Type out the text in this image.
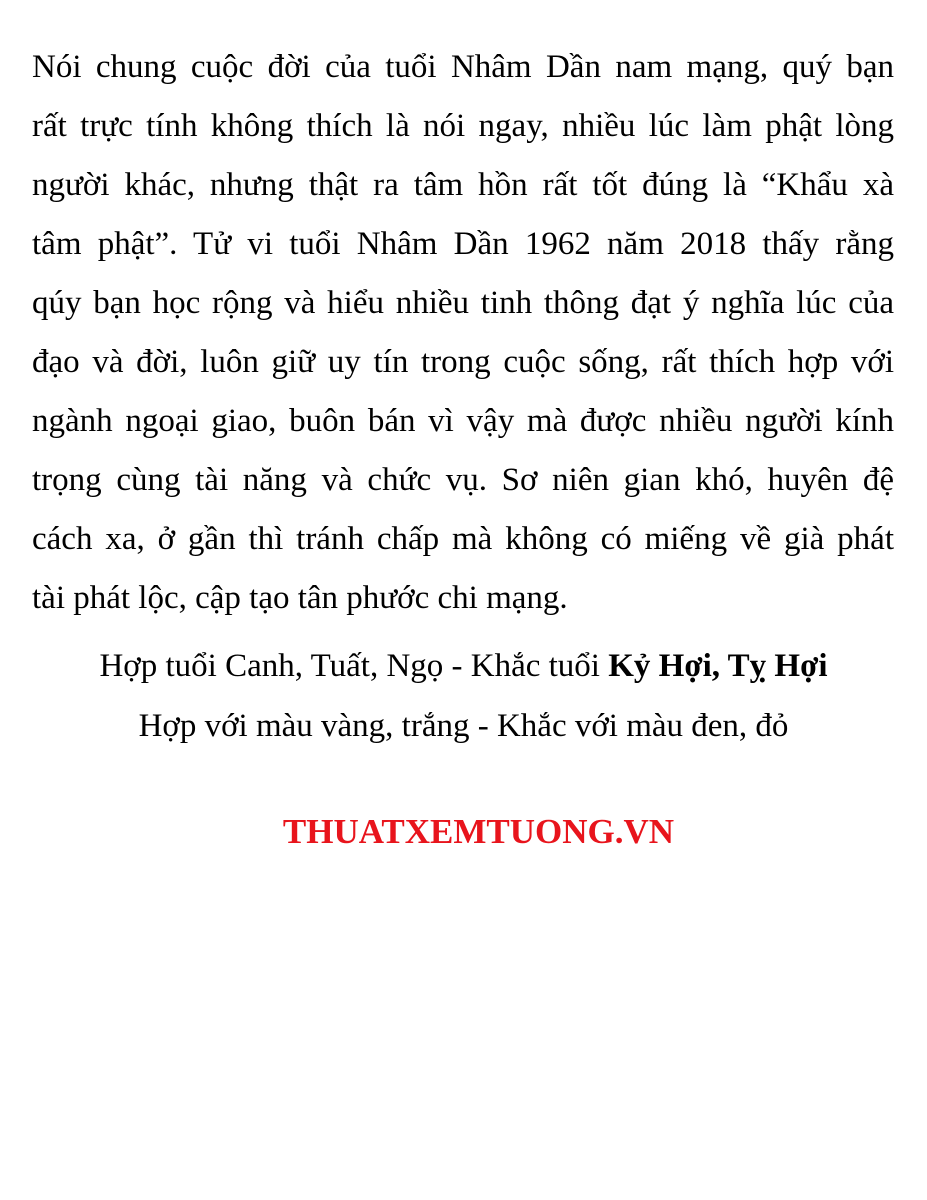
Nói chung cuộc đời của tuổi Nhâm Dần nam mạng, quý bạn
rất trực tính không thích là nói ngay, nhiều lúc làm phật lòng
người khác, nhưng thật ra tâm hồn rất tốt đúng là “Khẩu xà
tâm phật”. Tử vi tuổi Nhâm Dần 1962 năm 2018 thấy rằng
qúy bạn học rộng và hiểu nhiều tinh thông đạt ý nghĩa lúc của
đạo và đời, luôn giữ uy tín trong cuộc sống, rất thích hợp với
ngành ngoại giao, buôn bán vì vậy mà được nhiều người kính
trọng cùng tài năng và chức vụ. Sơ niên gian khó, huyên đệ
cách xa, ở gần thì tránh chấp mà không có miếng về già phát
tài phát lộc, cập tạo tân phước chi mạng.
Hợp tuổi Canh, Tuất, Ngọ - Khắc tuổi Kỷ Hợi, Tỵ Hợi
Hợp với màu vàng, trắng - Khắc với màu đen, đỏ
THUATXEMTUONG.VN
